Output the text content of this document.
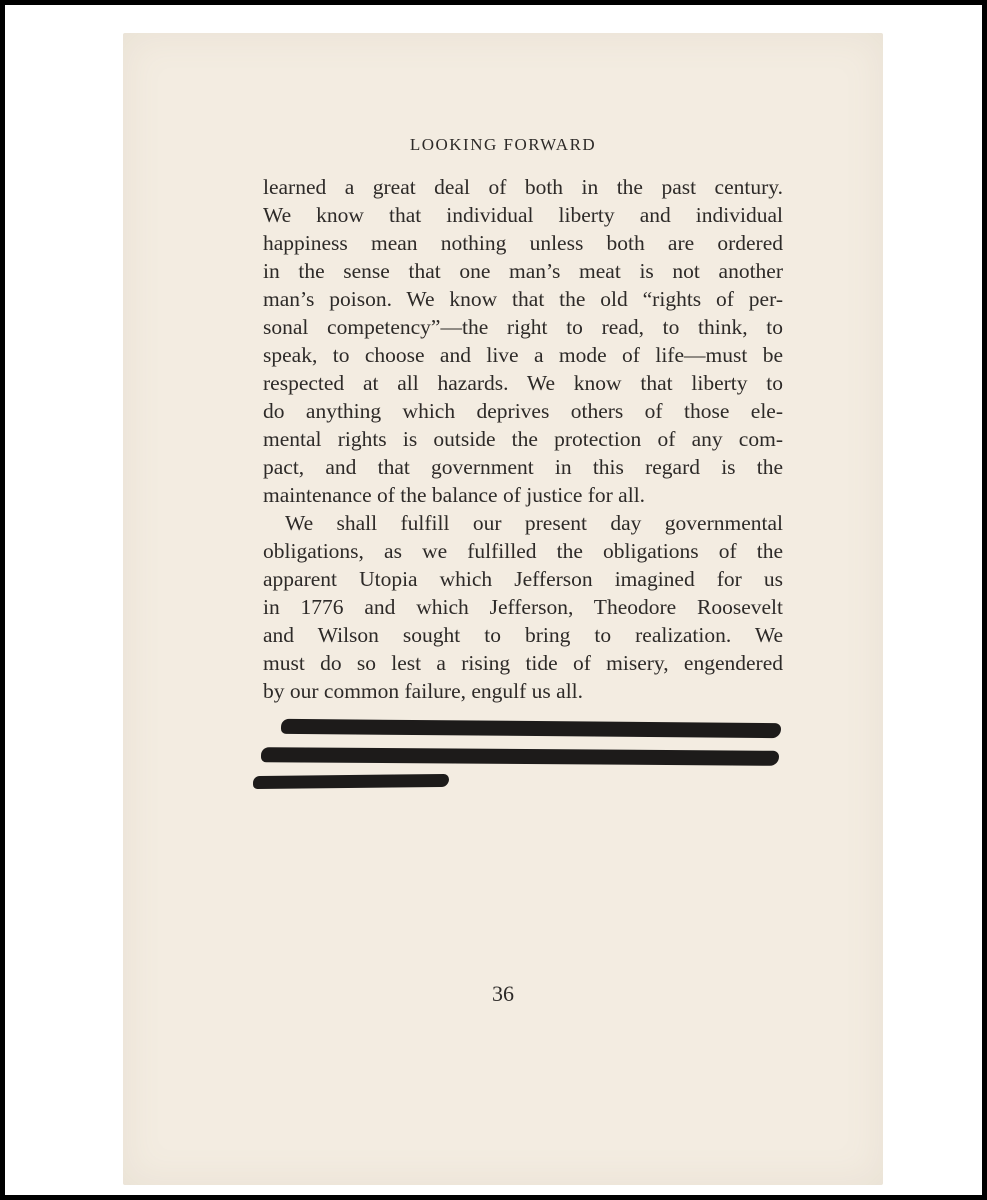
LOOKING FORWARD
learned a great deal of both in the past century.
We know that individual liberty and individual
happiness mean nothing unless both are ordered
in the sense that one man’s meat is not another
man’s poison. We know that the old “rights of per-
sonal competency”—the right to read, to think, to
speak, to choose and live a mode of life—must be
respected at all hazards. We know that liberty to
do anything which deprives others of those ele-
mental rights is outside the protection of any com-
pact, and that government in this regard is the
maintenance of the balance of justice for all.
We shall fulfill our present day governmental
obligations, as we fulfilled the obligations of the
apparent Utopia which Jefferson imagined for us
in 1776 and which Jefferson, Theodore Roosevelt
and Wilson sought to bring to realization. We
must do so lest a rising tide of misery, engendered
by our common failure, engulf us all.
36
